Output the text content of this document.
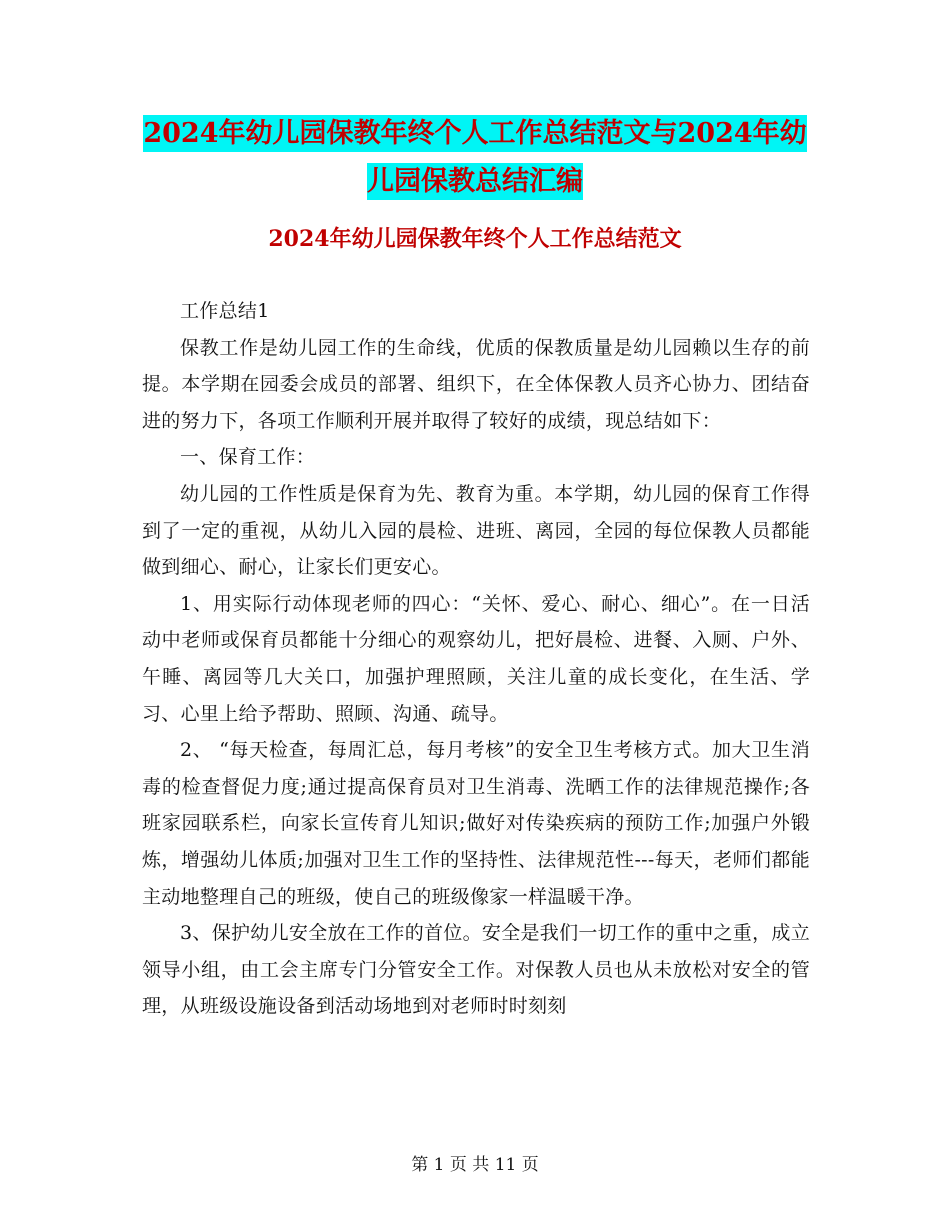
2024年幼儿园保教年终个人工作总结范文与2024年幼儿园保教总结汇编
2024年幼儿园保教年终个人工作总结范文

工作总结1

保教工作是幼儿园工作的生命线，优质的保教质量是幼儿园赖以生存的前提。本学期在园委会成员的部署、组织下，在全体保教人员齐心协力、团结奋进的努力下，各项工作顺利开展并取得了较好的成绩，现总结如下：

一、保育工作：

幼儿园的工作性质是保育为先、教育为重。本学期，幼儿园的保育工作得到了一定的重视，从幼儿入园的晨检、进班、离园，全园的每位保教人员都能做到细心、耐心，让家长们更安心。

1、用实际行动体现老师的四心：“关怀、爱心、耐心、细心”。在一日活动中老师或保育员都能十分细心的观察幼儿，把好晨检、进餐、入厕、户外、午睡、离园等几大关口，加强护理照顾，关注儿童的成长变化，在生活、学习、心里上给予帮助、照顾、沟通、疏导。

2、 “每天检查，每周汇总，每月考核”的安全卫生考核方式。加大卫生消毒的检查督促力度;通过提高保育员对卫生消毒、洗晒工作的法律规范操作;各班家园联系栏，向家长宣传育儿知识;做好对传染疾病的预防工作;加强户外锻炼，增强幼儿体质;加强对卫生工作的坚持性、法律规范性---每天，老师们都能主动地整理自己的班级，使自己的班级像家一样温暖干净。

3、保护幼儿安全放在工作的首位。安全是我们一切工作的重中之重，成立领导小组，由工会主席专门分管安全工作。对保教人员也从未放松对安全的管理，从班级设施设备到活动场地到对老师时时刻刻

第 1 页 共 11 页
